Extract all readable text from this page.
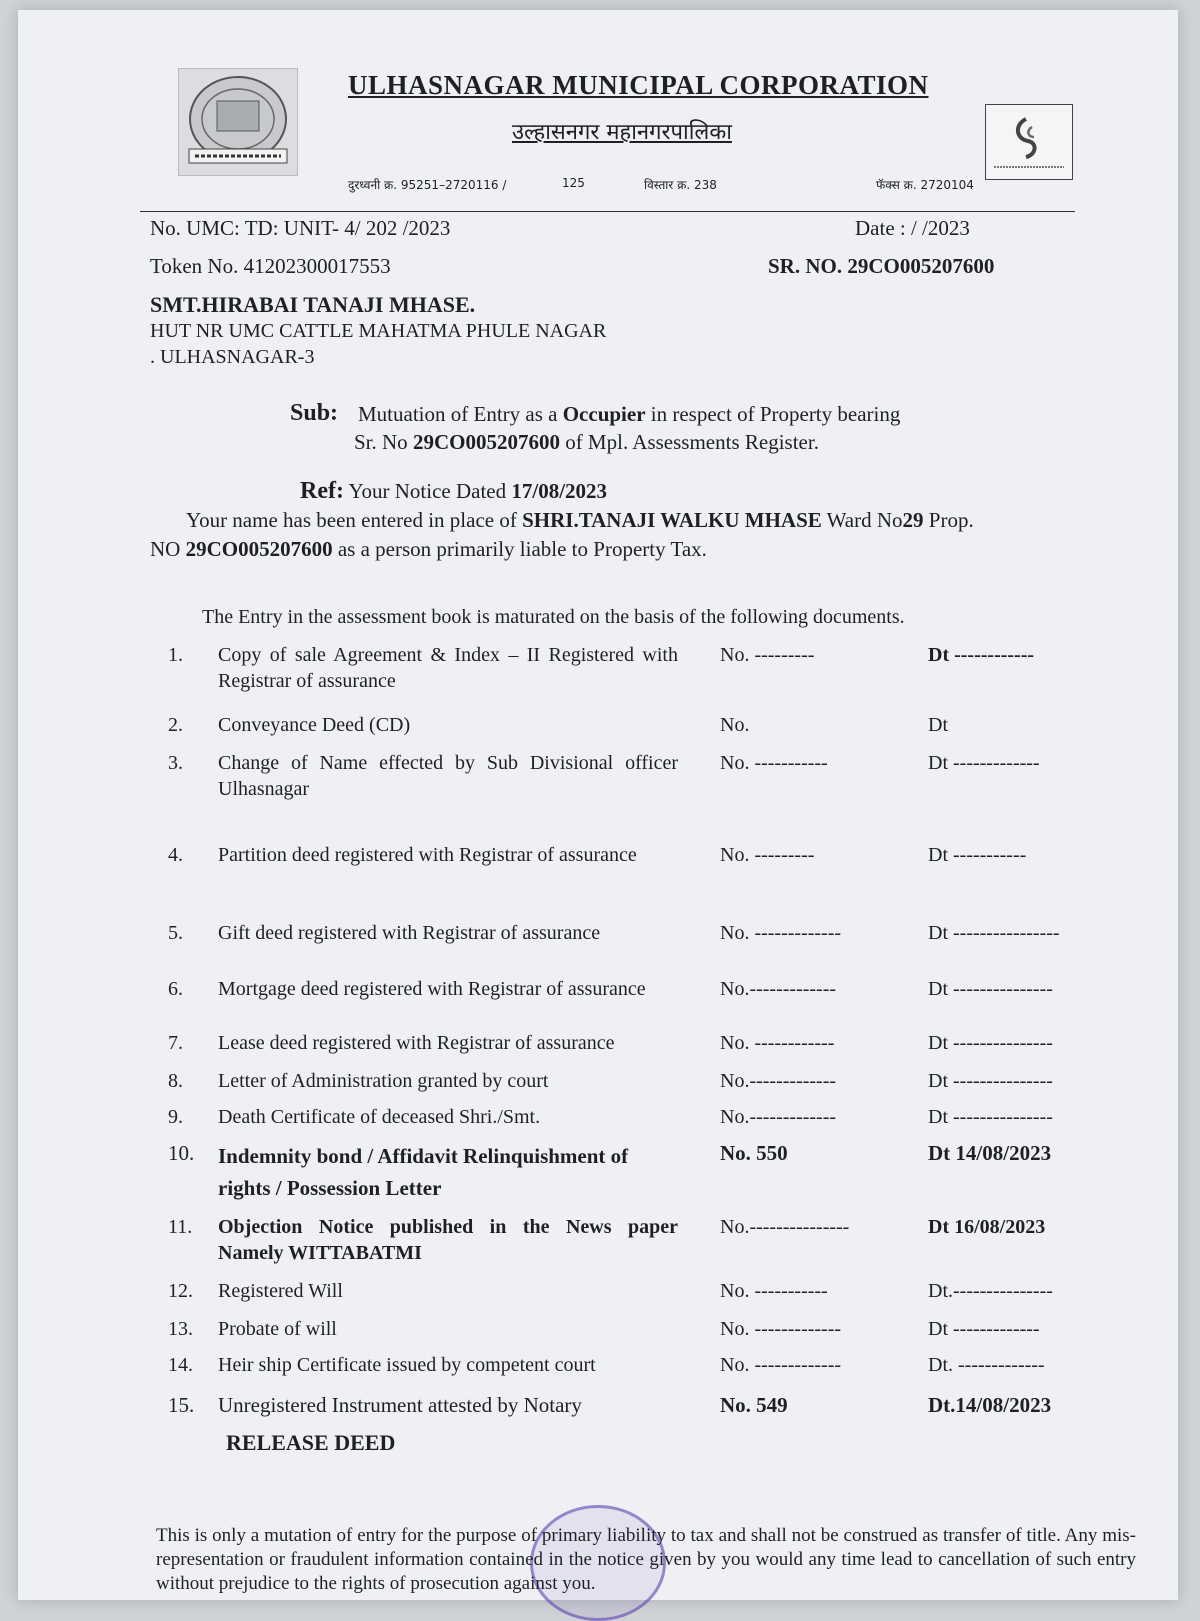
ULHASNAGAR MUNICIPAL CORPORATION
उल्हासनगर महानगरपालिका
दुरध्वनी क्र. 95251–2720116 /	125	विस्तार क्र. 238	फॅक्स क्र. 2720104
No. UMC: TD: UNIT- 4/ 202 /2023	Date : / /2023
Token No. 41202300017553	SR. NO. 29CO005207600
SMT.HIRABAI TANAJI MHASE.
HUT NR UMC CATTLE MAHATMA PHULE NAGAR
. ULHASNAGAR-3
Sub: Mutuation of Entry as a Occupier in respect of Property bearing
Sr. No 29CO005207600 of Mpl. Assessments Register.
Ref: Your Notice Dated 17/08/2023
Your name has been entered in place of SHRI.TANAJI WALKU MHASE Ward No29 Prop.
NO 29CO005207600 as a person primarily liable to Property Tax.
The Entry in the assessment book is maturated on the basis of the following documents.
1. Copy of sale Agreement & Index – II Registered with Registrar of assurance
No. ---------	Dt ------------
2. Conveyance Deed (CD)	No.	Dt
3. Change of Name effected by Sub Divisional officer Ulhasnagar
No. -----------	Dt -------------
4. Partition deed registered with Registrar of assurance	No. ---------	Dt -----------
5. Gift deed registered with Registrar of assurance	No. -------------	Dt ----------------
6. Mortgage deed registered with Registrar of assurance	No.-------------	Dt ---------------
7. Lease deed registered with Registrar of assurance	No. ------------	Dt ---------------
8. Letter of Administration granted by court	No.-------------	Dt ---------------
9. Death Certificate of deceased Shri./Smt.	No.-------------	Dt ---------------
10. Indemnity bond / Affidavit Relinquishment of rights / Possession Letter
No. 550	Dt 14/08/2023
11. Objection Notice published in the News paper Namely WITTABATMI
No.---------------	Dt 16/08/2023
12. Registered Will	No. -----------	Dt.---------------
13. Probate of will	No. -------------	Dt -------------
14. Heir ship Certificate issued by competent court	No. -------------	Dt. -------------
15. Unregistered Instrument attested by Notary	No. 549	Dt.14/08/2023
RELEASE DEED
This is only a mutation of entry for the purpose of primary liability to tax and shall not be construed as transfer of title. Any mis-representation or fraudulent information contained in the notice given by you would any time lead to cancellation of such entry without prejudice to the rights of prosecution against you.
